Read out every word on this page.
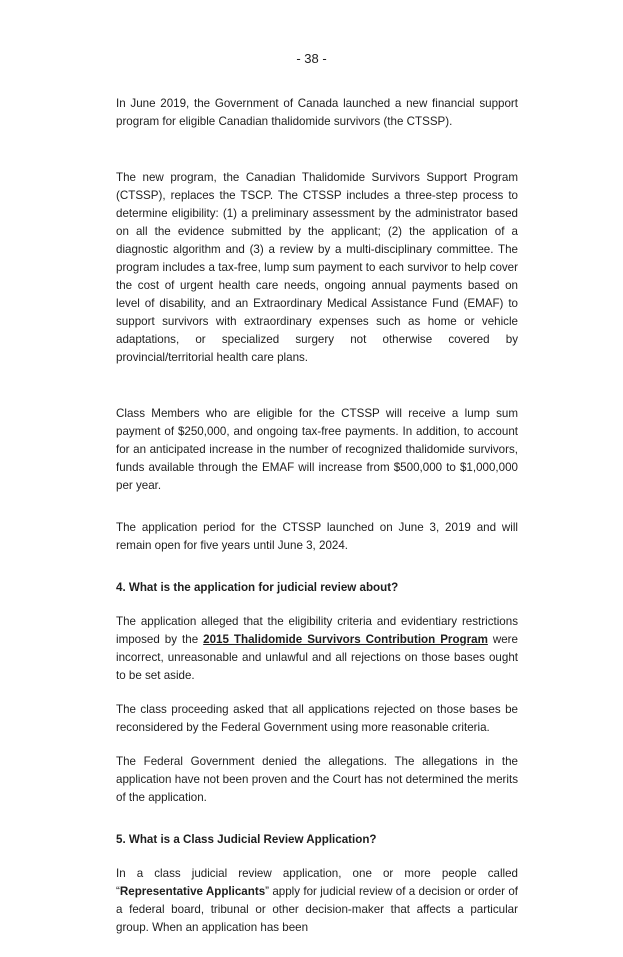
- 38 -

In June 2019, the Government of Canada launched a new financial support program for eligible Canadian thalidomide survivors (the CTSSP).

The new program, the Canadian Thalidomide Survivors Support Program (CTSSP), replaces the TSCP. The CTSSP includes a three-step process to determine eligibility: (1) a preliminary assessment by the administrator based on all the evidence submitted by the applicant; (2) the application of a diagnostic algorithm and (3) a review by a multi-disciplinary committee. The program includes a tax-free, lump sum payment to each survivor to help cover the cost of urgent health care needs, ongoing annual payments based on level of disability, and an Extraordinary Medical Assistance Fund (EMAF) to support survivors with extraordinary expenses such as home or vehicle adaptations, or specialized surgery not otherwise covered by provincial/territorial health care plans.

Class Members who are eligible for the CTSSP will receive a lump sum payment of $250,000, and ongoing tax-free payments. In addition, to account for an anticipated increase in the number of recognized thalidomide survivors, funds available through the EMAF will increase from $500,000 to $1,000,000 per year.

The application period for the CTSSP launched on June 3, 2019 and will remain open for five years until June 3, 2024.

4. What is the application for judicial review about?

The application alleged that the eligibility criteria and evidentiary restrictions imposed by the 2015 Thalidomide Survivors Contribution Program were incorrect, unreasonable and unlawful and all rejections on those bases ought to be set aside.

The class proceeding asked that all applications rejected on those bases be reconsidered by the Federal Government using more reasonable criteria.

The Federal Government denied the allegations. The allegations in the application have not been proven and the Court has not determined the merits of the application.

5. What is a Class Judicial Review Application?

In a class judicial review application, one or more people called “Representative Applicants” apply for judicial review of a decision or order of a federal board, tribunal or other decision-maker that affects a particular group. When an application has been
